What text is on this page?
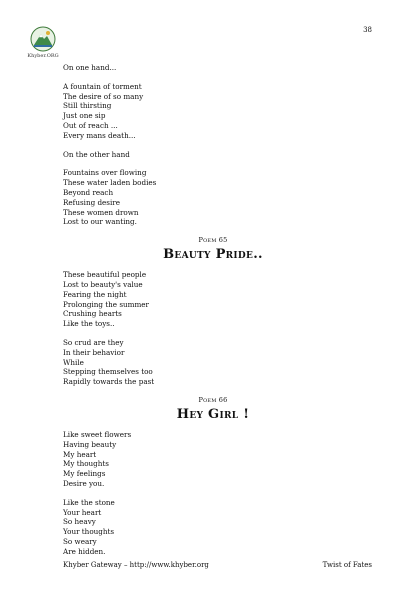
38
Khyber.ORG
On one hand...
A fountain of torment
The desire of so many
Still thirsting
Just one sip
Out of reach ...
Every mans death...
On the other hand
Fountains over flowing
These water laden bodies
Beyond reach
Refusing desire
These women drown
Lost to our wanting.
Poem 65
Beauty Pride..
These beautiful people
Lost to beauty's value
Fearing the night
Prolonging the summer
Crushing hearts
Like the toys..
So crud are they
In their behavior
While
Stepping themselves too
Rapidly towards the past
Poem 66
Hey Girl !
Like sweet flowers
Having beauty
My heart
My thoughts
My feelings
Desire you.
Like the stone
Your heart
So heavy
Your thoughts
So weary
Are hidden.
Khyber Gateway – http://www.khyber.org	Twist of Fates
